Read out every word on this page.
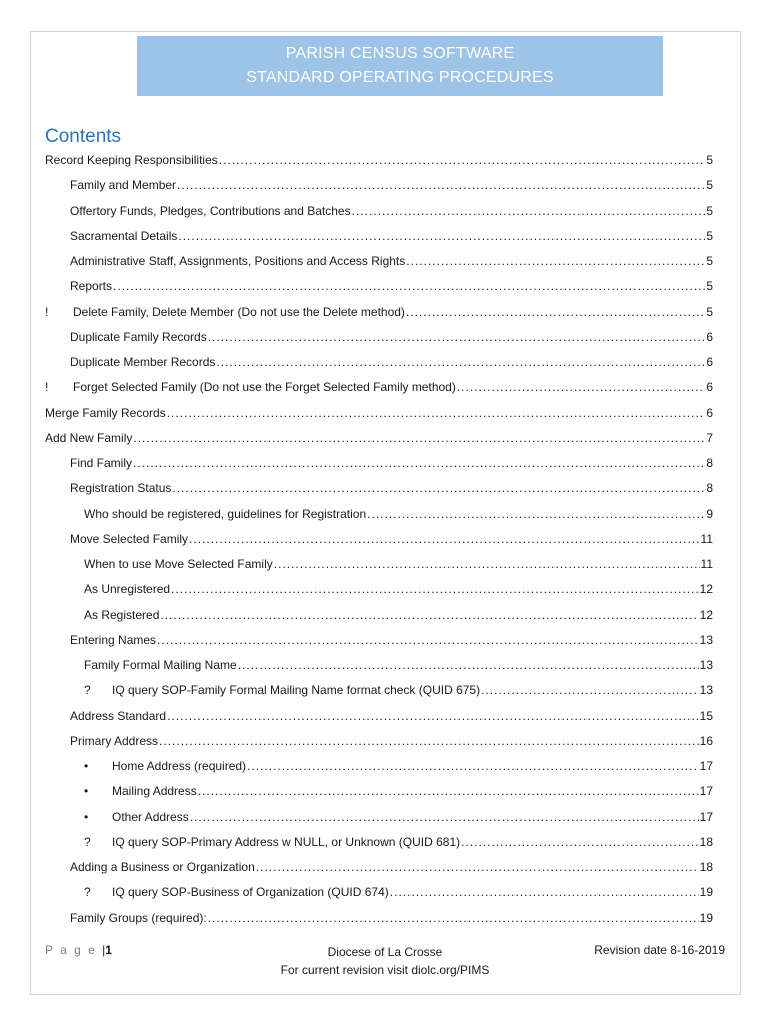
PARISH CENSUS SOFTWARE
STANDARD OPERATING PROCEDURES
Contents
Record Keeping Responsibilities .....	5
Family and Member .....	5
Offertory Funds, Pledges, Contributions and Batches .....	5
Sacramental Details .....	5
Administrative Staff, Assignments, Positions and Access Rights .....	5
Reports .....	5
!	Delete Family, Delete Member (Do not use the Delete method) .....	5
Duplicate Family Records .....	6
Duplicate Member Records .....	6
!	Forget Selected Family (Do not use the Forget Selected Family method) .....	6
Merge Family Records .....	6
Add New Family .....	7
Find Family .....	8
Registration Status .....	8
Who should be registered, guidelines for Registration .....	9
Move Selected Family .....	11
When to use Move Selected Family .....	11
As Unregistered .....	12
As Registered .....	12
Entering Names .....	13
Family Formal Mailing Name .....	13
?	IQ query SOP-Family Formal Mailing Name format check (QUID 675) .....	13
Address Standard .....	15
Primary Address .....	16
•	Home Address (required) .....	17
•	Mailing Address .....	17
•	Other Address .....	17
?	IQ query SOP-Primary Address w NULL, or Unknown (QUID 681) .....	18
Adding a Business or Organization .....	18
?	IQ query SOP-Business of Organization (QUID 674) .....	19
Family Groups (required): .....	19
P a g e |1	Diocese of La Crosse
For current revision visit diolc.org/PIMS
Revision date 8-16-2019
